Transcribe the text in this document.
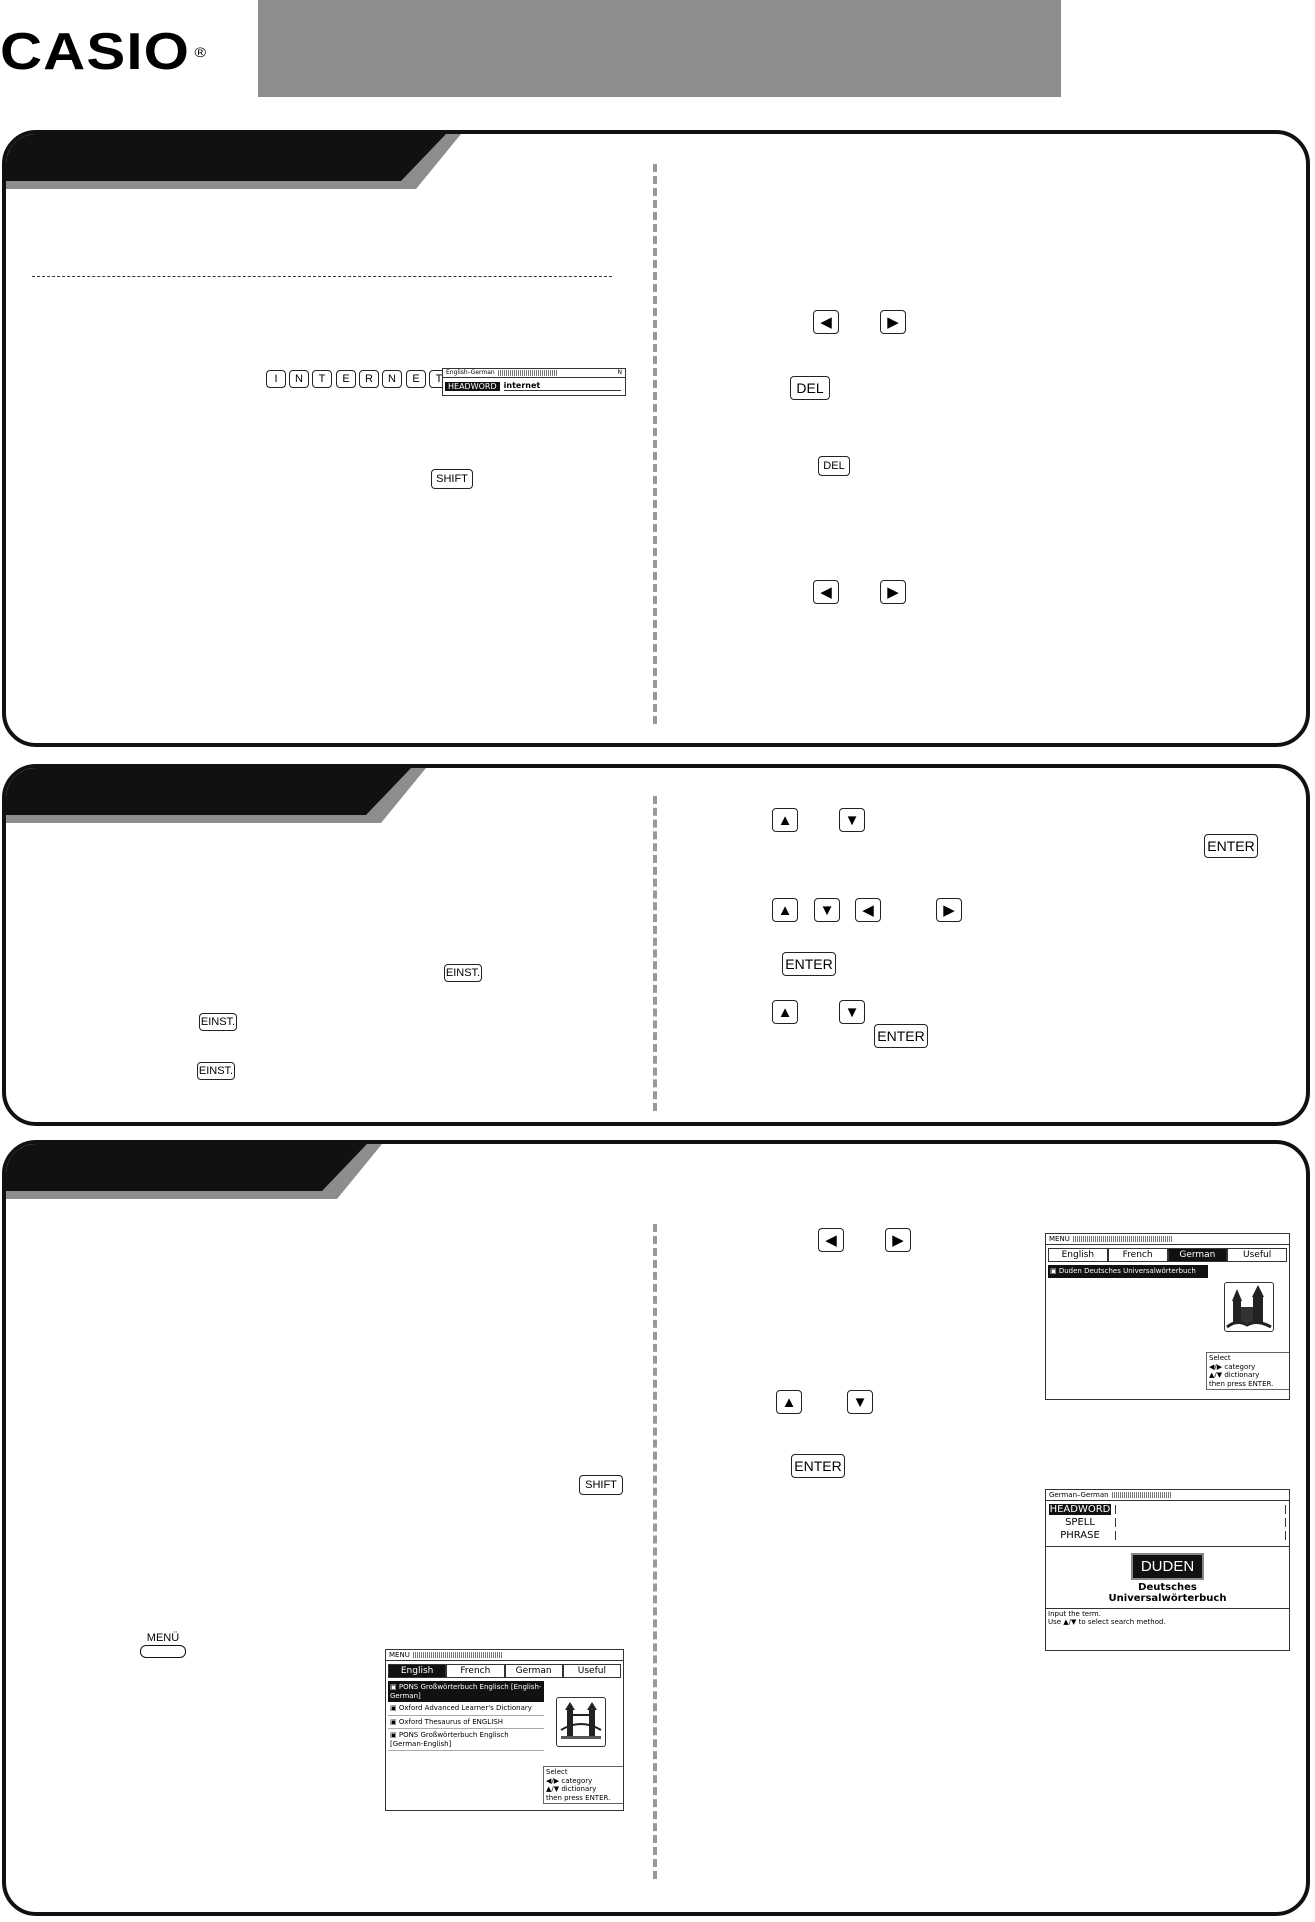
CASIO ®
I	N	T	E	R	N	E	T English–German	N
HEADWORD internet
SHIFT
◀	▶
DEL
DEL
◀	▶
EINST.
EINST.
EINST.
▲	▼
ENTER
▲	▼	◀	▶
ENTER
▲	▼
ENTER
SHIFT
MENÜ
MENU
English	French	German	Useful
▣ PONS Großwörterbuch Englisch [English-German]
▣ Oxford Advanced Learner's Dictionary
▣ Oxford Thesaurus of ENGLISH
▣ PONS Großwörterbuch Englisch [German-English]
Select
◀/▶ category
▲/▼ dictionary
then press ENTER.
MENU
English	French	German	Useful
▣ Duden Deutsches Universalwörterbuch
Select
◀/▶ category
▲/▼ dictionary
then press ENTER.
German–German
HEADWORD
SPELL
PHRASE
DUDEN
Deutsches
Universalwörterbuch
Input the term.
Use ▲/▼ to select search method.
◀	▶
▲	▼
ENTER
